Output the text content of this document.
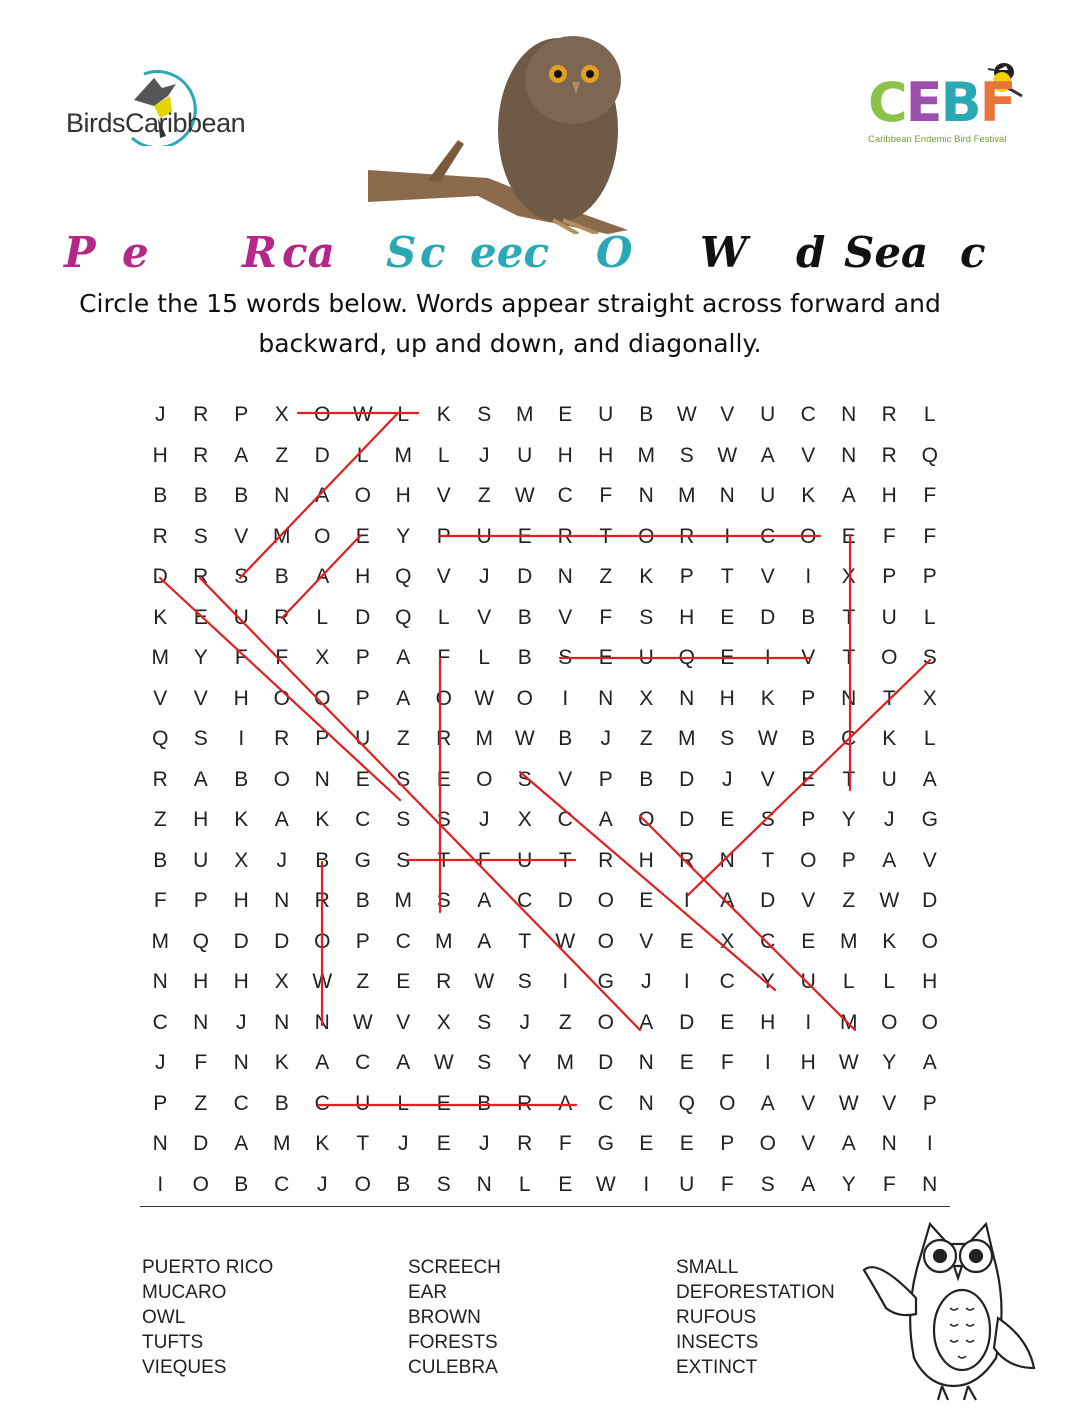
BirdsCaribbean	CEBF
Caribbean Endemic Bird Festival
P e R ca S c eec O W d Sea c
Circle the 15 words below. Words appear straight across forward and backward, up and down, and diagonally.
J	R	P	X	O	W	L	K	S	M	E	U	B	W	V	U	C	N	R	L
H	R	A	Z	D	L	M	L	J	U	H	H	M	S	W	A	V	N	R	Q
B	B	B	N	A	O	H	V	Z	W	C	F	N	M	N	U	K	A	H	F
R	S	V	M	O	E	Y	P	U	E	R	T	O	R	I	C	O	E	F	F
D	R	S	B	A	H	Q	V	J	D	N	Z	K	P	T	V	I	X	P	P
K	E	U	R	L	D	Q	L	V	B	V	F	S	H	E	D	B	T	U	L
M	Y	F	F	X	P	A	F	L	B	S	E	U	Q	E	I	V	T	O	S
V	V	H	O	O	P	A	O	W	O	I	N	X	N	H	K	P	N	T	X
Q	S	I	R	P	U	Z	R	M	W	B	J	Z	M	S	W	B	C	K	L
R	A	B	O	N	E	S	E	O	S	V	P	B	D	J	V	E	T	U	A
Z	H	K	A	K	C	S	S	J	X	C	A	O	D	E	S	P	Y	J	G
B	U	X	J	B	G	S	T	F	U	T	R	H	R	N	T	O	P	A	V
F	P	H	N	R	B	M	S	A	C	D	O	E	I	A	D	V	Z	W	D
M	Q	D	D	O	P	C	M	A	T	W	O	V	E	X	C	E	M	K	O
N	H	H	X	W	Z	E	R	W	S	I	G	J	I	C	Y	U	L	L	H
C	N	J	N	N	W	V	X	S	J	Z	O	A	D	E	H	I	M	O	O
J	F	N	K	A	C	A	W	S	Y	M	D	N	E	F	I	H	W	Y	A
P	Z	C	B	C	U	L	E	B	R	A	C	N	Q	O	A	V	W	V	P
N	D	A	M	K	T	J	E	J	R	F	G	E	E	P	O	V	A	N	I
I	O	B	C	J	O	B	S	N	L	E	W	I	U	F	S	A	Y	F	N
PUERTO RICO
MUCARO
OWL
TUFTS
VIEQUES
SCREECH
EAR
BROWN
FORESTS
CULEBRA
SMALL
DEFORESTATION
RUFOUS
INSECTS
EXTINCT
